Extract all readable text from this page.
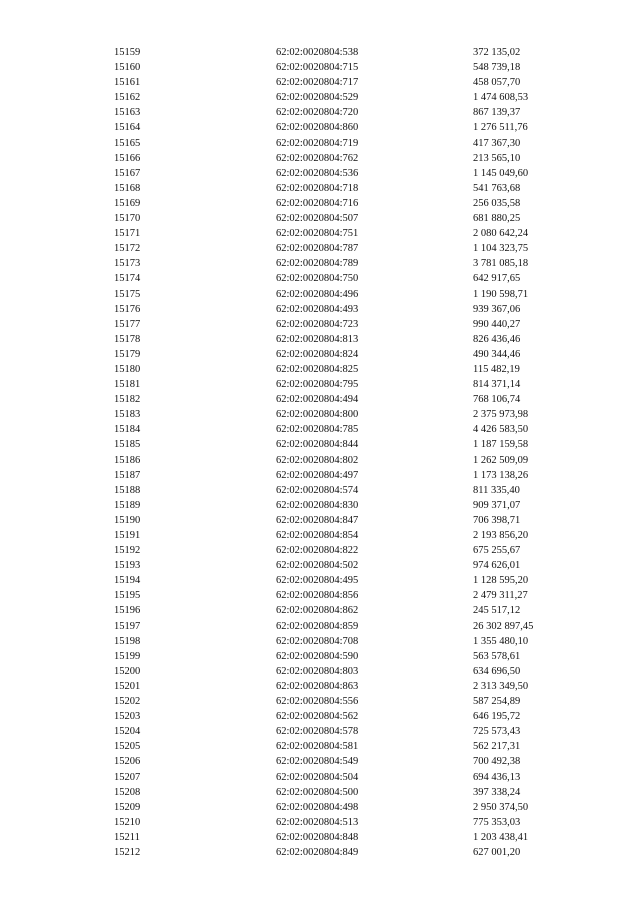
15159	62:02:0020804:538	372 135,02
15160	62:02:0020804:715	548 739,18
15161	62:02:0020804:717	458 057,70
15162	62:02:0020804:529	1 474 608,53
15163	62:02:0020804:720	867 139,37
15164	62:02:0020804:860	1 276 511,76
15165	62:02:0020804:719	417 367,30
15166	62:02:0020804:762	213 565,10
15167	62:02:0020804:536	1 145 049,60
15168	62:02:0020804:718	541 763,68
15169	62:02:0020804:716	256 035,58
15170	62:02:0020804:507	681 880,25
15171	62:02:0020804:751	2 080 642,24
15172	62:02:0020804:787	1 104 323,75
15173	62:02:0020804:789	3 781 085,18
15174	62:02:0020804:750	642 917,65
15175	62:02:0020804:496	1 190 598,71
15176	62:02:0020804:493	939 367,06
15177	62:02:0020804:723	990 440,27
15178	62:02:0020804:813	826 436,46
15179	62:02:0020804:824	490 344,46
15180	62:02:0020804:825	115 482,19
15181	62:02:0020804:795	814 371,14
15182	62:02:0020804:494	768 106,74
15183	62:02:0020804:800	2 375 973,98
15184	62:02:0020804:785	4 426 583,50
15185	62:02:0020804:844	1 187 159,58
15186	62:02:0020804:802	1 262 509,09
15187	62:02:0020804:497	1 173 138,26
15188	62:02:0020804:574	811 335,40
15189	62:02:0020804:830	909 371,07
15190	62:02:0020804:847	706 398,71
15191	62:02:0020804:854	2 193 856,20
15192	62:02:0020804:822	675 255,67
15193	62:02:0020804:502	974 626,01
15194	62:02:0020804:495	1 128 595,20
15195	62:02:0020804:856	2 479 311,27
15196	62:02:0020804:862	245 517,12
15197	62:02:0020804:859	26 302 897,45
15198	62:02:0020804:708	1 355 480,10
15199	62:02:0020804:590	563 578,61
15200	62:02:0020804:803	634 696,50
15201	62:02:0020804:863	2 313 349,50
15202	62:02:0020804:556	587 254,89
15203	62:02:0020804:562	646 195,72
15204	62:02:0020804:578	725 573,43
15205	62:02:0020804:581	562 217,31
15206	62:02:0020804:549	700 492,38
15207	62:02:0020804:504	694 436,13
15208	62:02:0020804:500	397 338,24
15209	62:02:0020804:498	2 950 374,50
15210	62:02:0020804:513	775 353,03
15211	62:02:0020804:848	1 203 438,41
15212	62:02:0020804:849	627 001,20
